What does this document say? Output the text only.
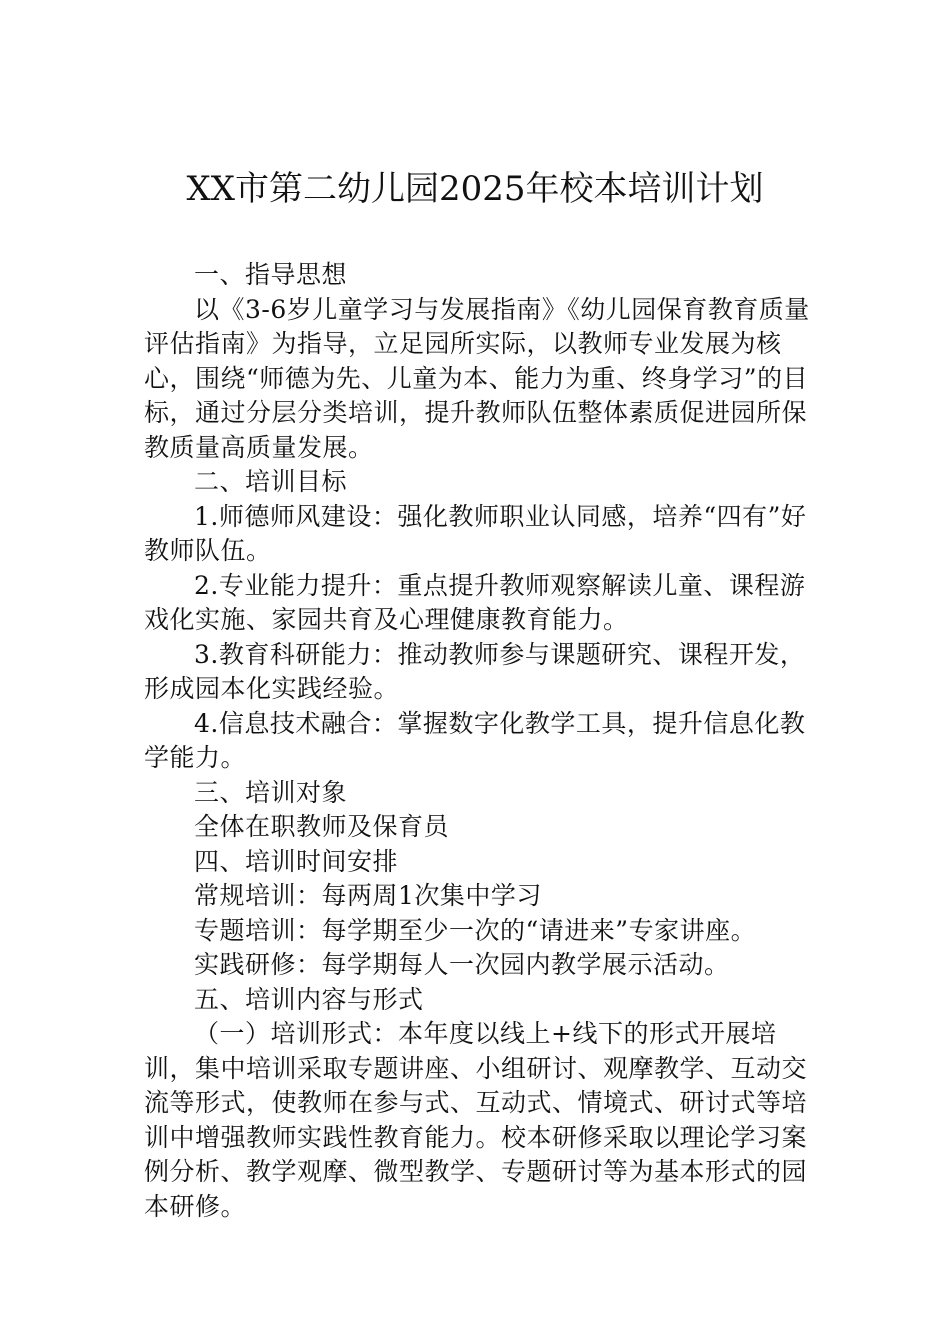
XX市第二幼儿园2025年校本培训计划

一、指导思想

以《3-6岁儿童学习与发展指南》《幼儿园保育教育质量评估指南》为指导，立足园所实际，以教师专业发展为核心，围绕“师德为先、儿童为本、能力为重、终身学习”的目标，通过分层分类培训，提升教师队伍整体素质促进园所保教质量高质量发展。

二、培训目标

1.师德师风建设：强化教师职业认同感，培养“四有”好教师队伍。

2.专业能力提升：重点提升教师观察解读儿童、课程游戏化实施、家园共育及心理健康教育能力。

3.教育科研能力：推动教师参与课题研究、课程开发，形成园本化实践经验。

4.信息技术融合：掌握数字化教学工具，提升信息化教学能力。

三、培训对象

全体在职教师及保育员

四、培训时间安排

常规培训：每两周1次集中学习

专题培训：每学期至少一次的“请进来”专家讲座。

实践研修：每学期每人一次园内教学展示活动。

五、培训内容与形式

（一）培训形式：本年度以线上+线下的形式开展培训，集中培训采取专题讲座、小组研讨、观摩教学、互动交流等形式，使教师在参与式、互动式、情境式、研讨式等培训中增强教师实践性教育能力。校本研修采取以理论学习案例分析、教学观摩、微型教学、专题研讨等为基本形式的园本研修。
